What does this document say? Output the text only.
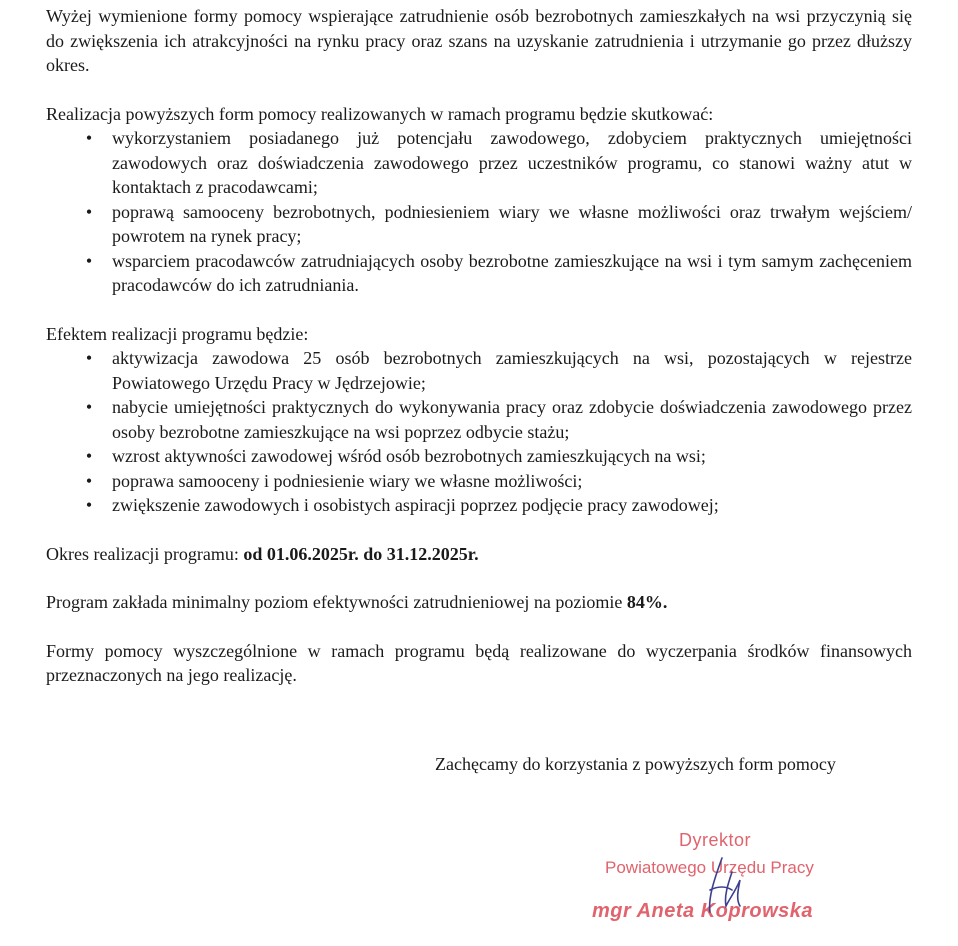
Wyżej wymienione formy pomocy wspierające zatrudnienie osób bezrobotnych zamieszkałych na wsi przyczynią się do zwiększenia ich atrakcyjności na rynku pracy oraz szans na uzyskanie zatrudnienia i utrzymanie go przez dłuższy okres.

Realizacja powyższych form pomocy realizowanych w ramach programu będzie skutkować:

• wykorzystaniem posiadanego już potencjału zawodowego, zdobyciem praktycznych umiejętności zawodowych oraz doświadczenia zawodowego przez uczestników programu, co stanowi ważny atut w kontaktach z pracodawcami;
• poprawą samooceny bezrobotnych, podniesieniem wiary we własne możliwości oraz trwałym wejściem/ powrotem na rynek pracy;
• wsparciem pracodawców zatrudniających osoby bezrobotne zamieszkujące na wsi i tym samym zachęceniem pracodawców do ich zatrudniania.

Efektem realizacji programu będzie:

• aktywizacja zawodowa 25 osób bezrobotnych zamieszkujących na wsi, pozostających w rejestrze Powiatowego Urzędu Pracy w Jędrzejowie;
• nabycie umiejętności praktycznych do wykonywania pracy oraz zdobycie doświadczenia zawodowego przez osoby bezrobotne zamieszkujące na wsi poprzez odbycie stażu;
• wzrost aktywności zawodowej wśród osób bezrobotnych zamieszkujących na wsi;
• poprawa samooceny i podniesienie wiary we własne możliwości;
• zwiększenie zawodowych i osobistych aspiracji poprzez podjęcie pracy zawodowej;

Okres realizacji programu: od 01.06.2025r. do 31.12.2025r.

Program zakłada minimalny poziom efektywności zatrudnieniowej na poziomie 84%.

Formy pomocy wyszczególnione w ramach programu będą realizowane do wyczerpania środków finansowych przeznaczonych na jego realizację.

Zachęcamy do korzystania z powyższych form pomocy
Dyrektor
Powiatowego Urzędu Pracy
mgr Aneta Koprowska
